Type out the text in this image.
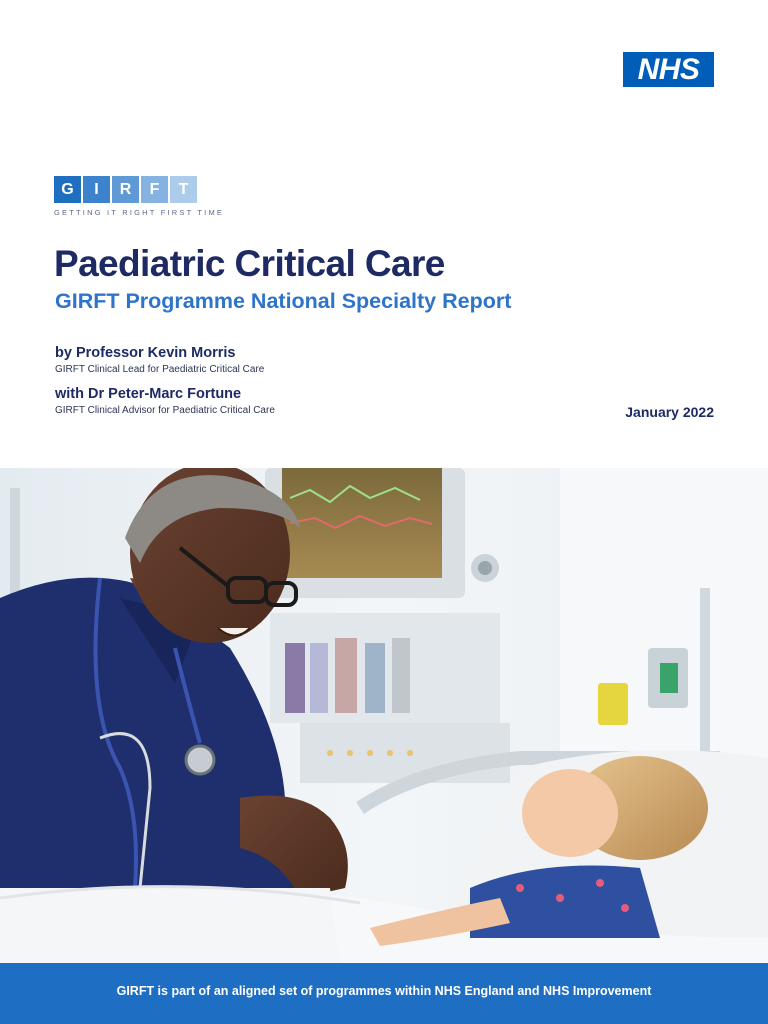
NHS
G	I	R	F	T
GETTING IT RIGHT FIRST TIME
Paediatric Critical Care
GIRFT Programme National Specialty Report
by Professor Kevin Morris
GIRFT Clinical Lead for Paediatric Critical Care
with Dr Peter-Marc Fortune
GIRFT Clinical Advisor for Paediatric Critical Care	January 2022
GIRFT is part of an aligned set of programmes within NHS England and NHS Improvement
